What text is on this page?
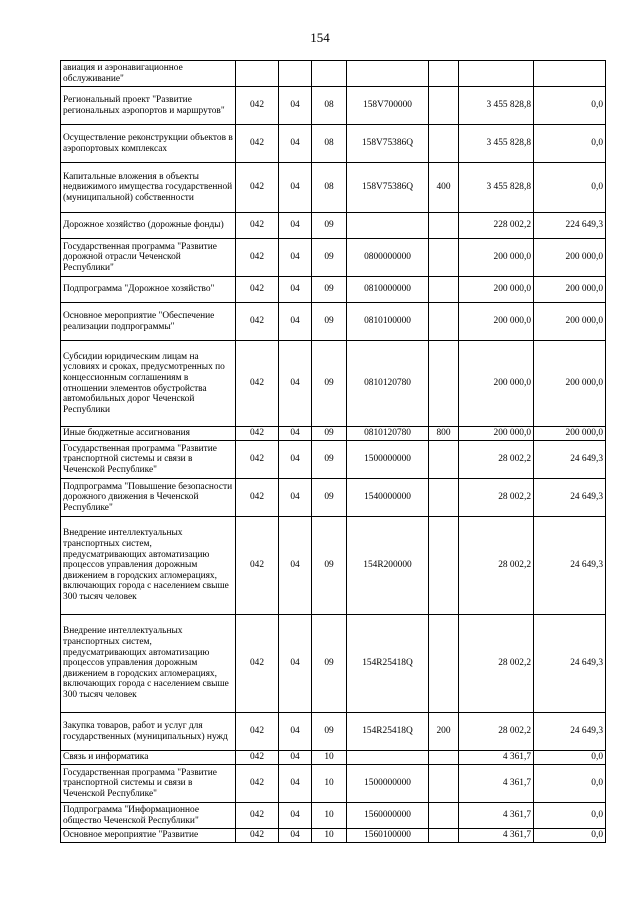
154
авиация и аэронавигационное обслуживание"							
Региональный проект "Развитие региональных аэропортов и маршрутов"	042	04	08	158V700000		3 455 828,8	0,0
Осуществление реконструкции объектов в аэропортовых комплексах	042	04	08	158V75386Q		3 455 828,8	0,0
Капитальные вложения в объекты недвижимого имущества государственной (муниципальной) собственности	042	04	08	158V75386Q	400	3 455 828,8	0,0
Дорожное хозяйство (дорожные фонды)	042	04	09			228 002,2	224 649,3
Государственная программа "Развитие дорожной отрасли Чеченской Республики"	042	04	09	0800000000		200 000,0	200 000,0
Подпрограмма "Дорожное хозяйство"	042	04	09	0810000000		200 000,0	200 000,0
Основное мероприятие "Обеспечение реализации подпрограммы"	042	04	09	0810100000		200 000,0	200 000,0
Субсидии юридическим лицам на условиях и сроках, предусмотренных по концессионным соглашениям в отношении элементов обустройства автомобильных дорог Чеченской Республики	042	04	09	0810120780		200 000,0	200 000,0
Иные бюджетные ассигнования	042	04	09	0810120780	800	200 000,0	200 000,0
Государственная программа "Развитие транспортной системы и связи в Чеченской Республике"	042	04	09	1500000000		28 002,2	24 649,3
Подпрограмма "Повышение безопасности дорожного движения в Чеченской Республике"	042	04	09	1540000000		28 002,2	24 649,3
Внедрение интеллектуальных транспортных систем, предусматривающих автоматизацию процессов управления дорожным движением в городских агломерациях, включающих города с населением свыше 300 тысяч человек	042	04	09	154R200000		28 002,2	24 649,3
Внедрение интеллектуальных транспортных систем, предусматривающих автоматизацию процессов управления дорожным движением в городских агломерациях, включающих города с населением свыше 300 тысяч человек	042	04	09	154R25418Q		28 002,2	24 649,3
Закупка товаров, работ и услуг для государственных (муниципальных) нужд	042	04	09	154R25418Q	200	28 002,2	24 649,3
Связь и информатика	042	04	10			4 361,7	0,0
Государственная программа "Развитие транспортной системы и связи в Чеченской Республике"	042	04	10	1500000000		4 361,7	0,0
Подпрограмма "Информационное общество Чеченской Республики"	042	04	10	1560000000		4 361,7	0,0
Основное мероприятие "Развитие	042	04	10	1560100000		4 361,7	0,0
